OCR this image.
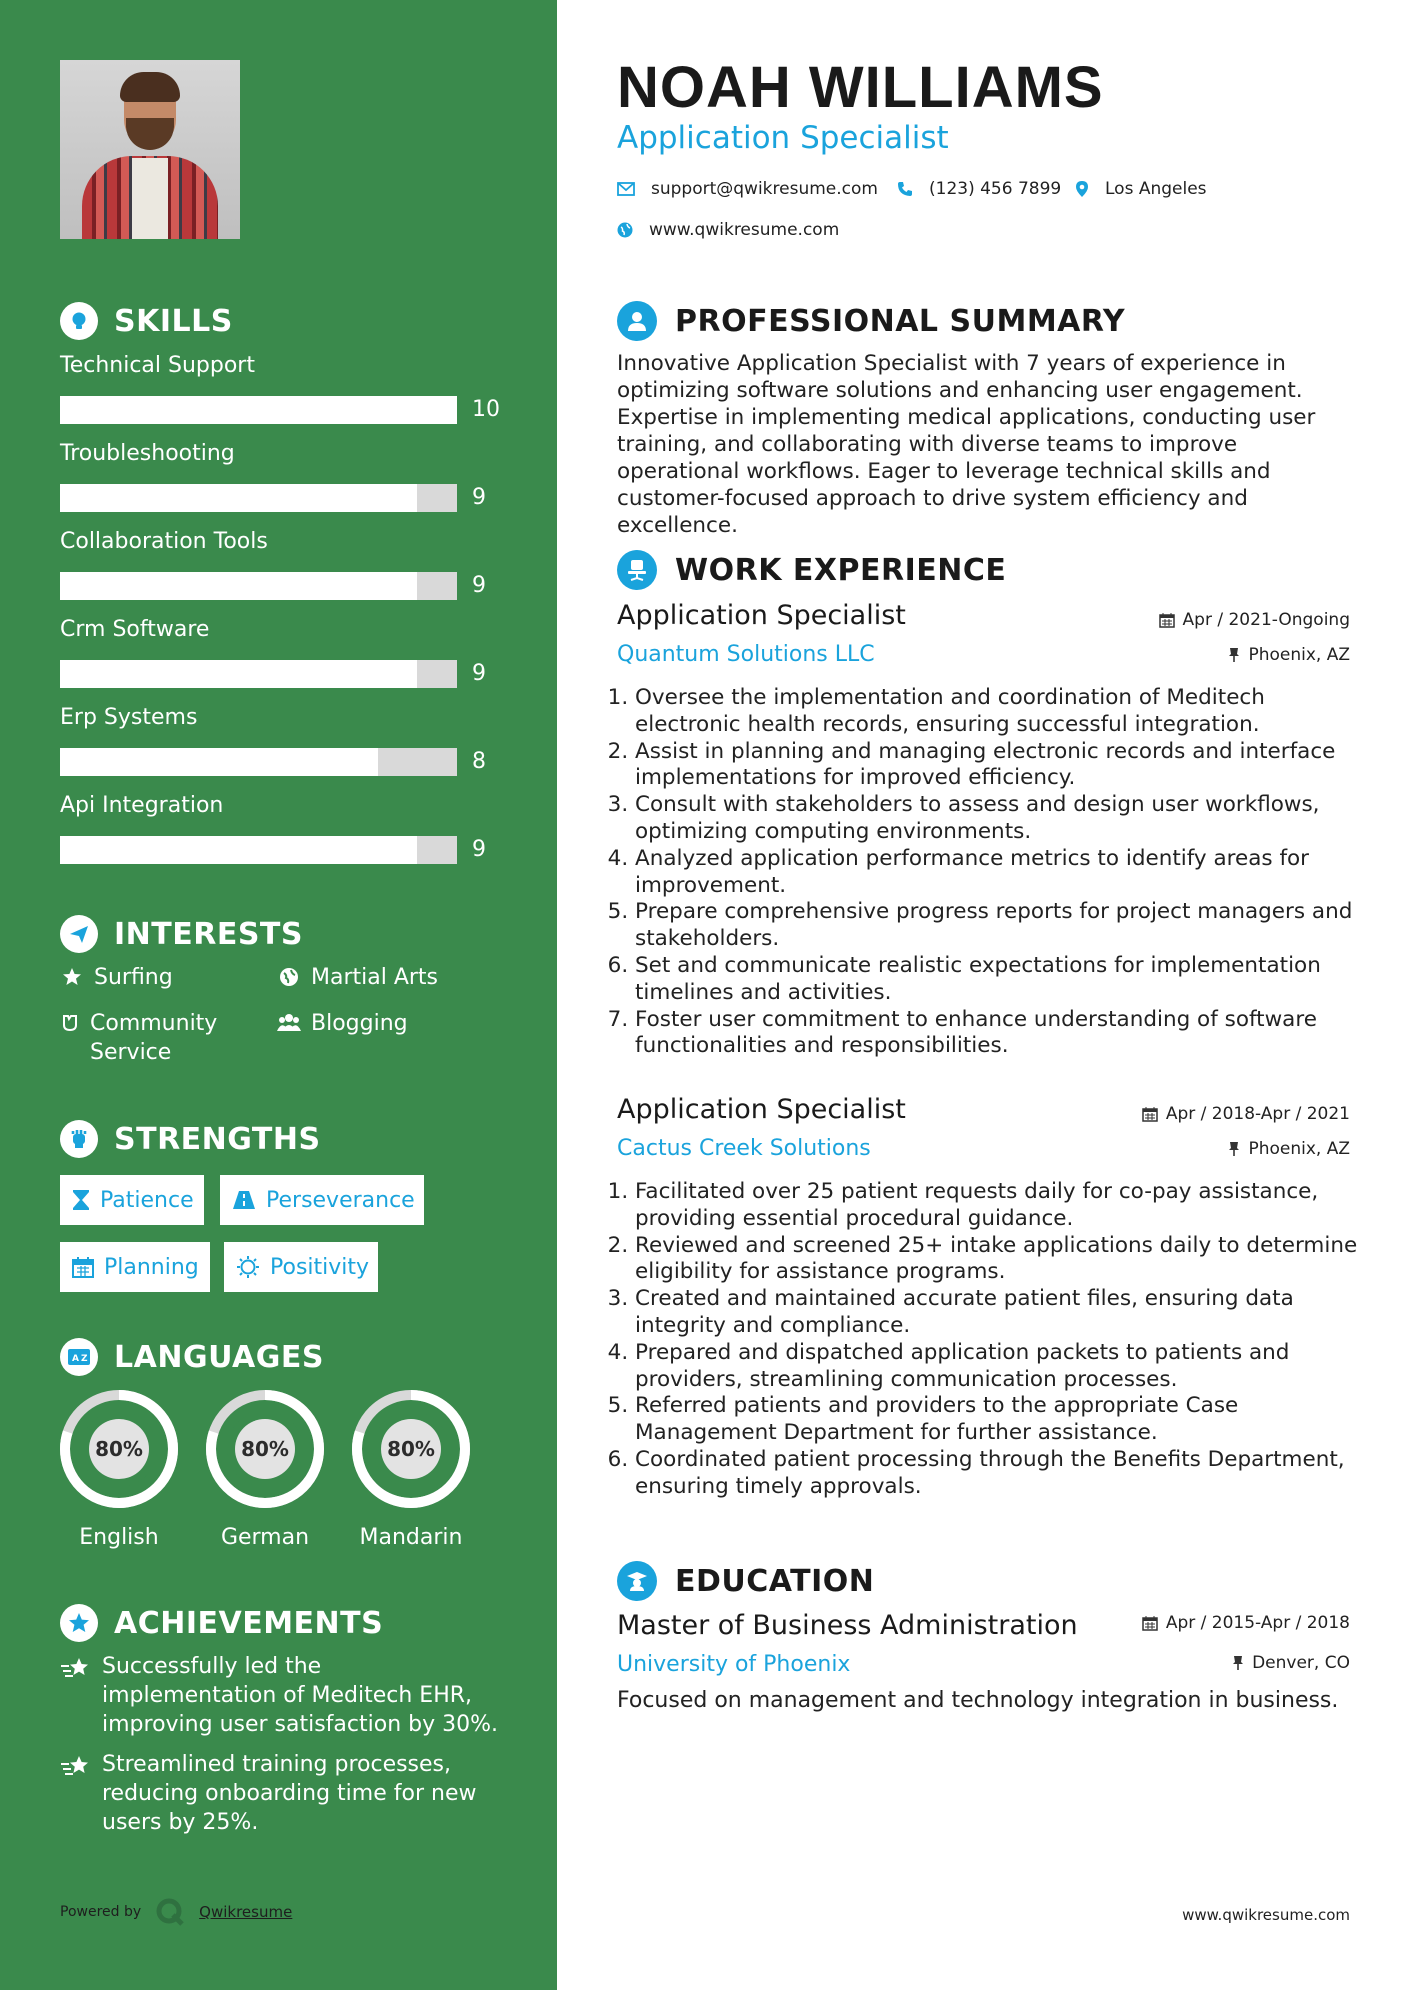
SKILLS
Technical Support
10
Troubleshooting
9
Collaboration Tools
9
Crm Software
9
Erp Systems
8
Api Integration
9
INTERESTS
Surfing	Martial Arts
Community Service
Blogging
STRENGTHS
Patience	Perseverance
Planning	Positivity
A Z LANGUAGES
80%
English
80%
German
80%
Mandarin
ACHIEVEMENTS
Successfully led the implementation of Meditech EHR, improving user satisfaction by 30%.
Streamlined training processes, reducing onboarding time for new users by 25%.
Powered by	Qwikresume
NOAH WILLIAMS
Application Specialist
support@qwikresume.com	(123) 456 7899	Los Angeles
www.qwikresume.com
PROFESSIONAL SUMMARY
Innovative Application Specialist with 7 years of experience in optimizing software solutions and enhancing user engagement. Expertise in implementing medical applications, conducting user training, and collaborating with diverse teams to improve operational workflows. Eager to leverage technical skills and customer-focused approach to drive system efficiency and excellence.
WORK EXPERIENCE
Application Specialist
Quantum Solutions LLC
Apr / 2021-Ongoing
Phoenix, AZ
1. Oversee the implementation and coordination of Meditech electronic health records, ensuring successful integration.
2. Assist in planning and managing electronic records and interface implementations for improved efficiency.
3. Consult with stakeholders to assess and design user workflows, optimizing computing environments.
4. Analyzed application performance metrics to identify areas for improvement.
5. Prepare comprehensive progress reports for project managers and stakeholders.
6. Set and communicate realistic expectations for implementation timelines and activities.
7. Foster user commitment to enhance understanding of software functionalities and responsibilities.
Application Specialist
Cactus Creek Solutions
Apr / 2018-Apr / 2021
Phoenix, AZ
1. Facilitated over 25 patient requests daily for co-pay assistance, providing essential procedural guidance.
2. Reviewed and screened 25+ intake applications daily to determine eligibility for assistance programs.
3. Created and maintained accurate patient files, ensuring data integrity and compliance.
4. Prepared and dispatched application packets to patients and providers, streamlining communication processes.
5. Referred patients and providers to the appropriate Case Management Department for further assistance.
6. Coordinated patient processing through the Benefits Department, ensuring timely approvals.
EDUCATION
Master of Business Administration
University of Phoenix
Apr / 2015-Apr / 2018
Denver, CO
Focused on management and technology integration in business.
www.qwikresume.com
